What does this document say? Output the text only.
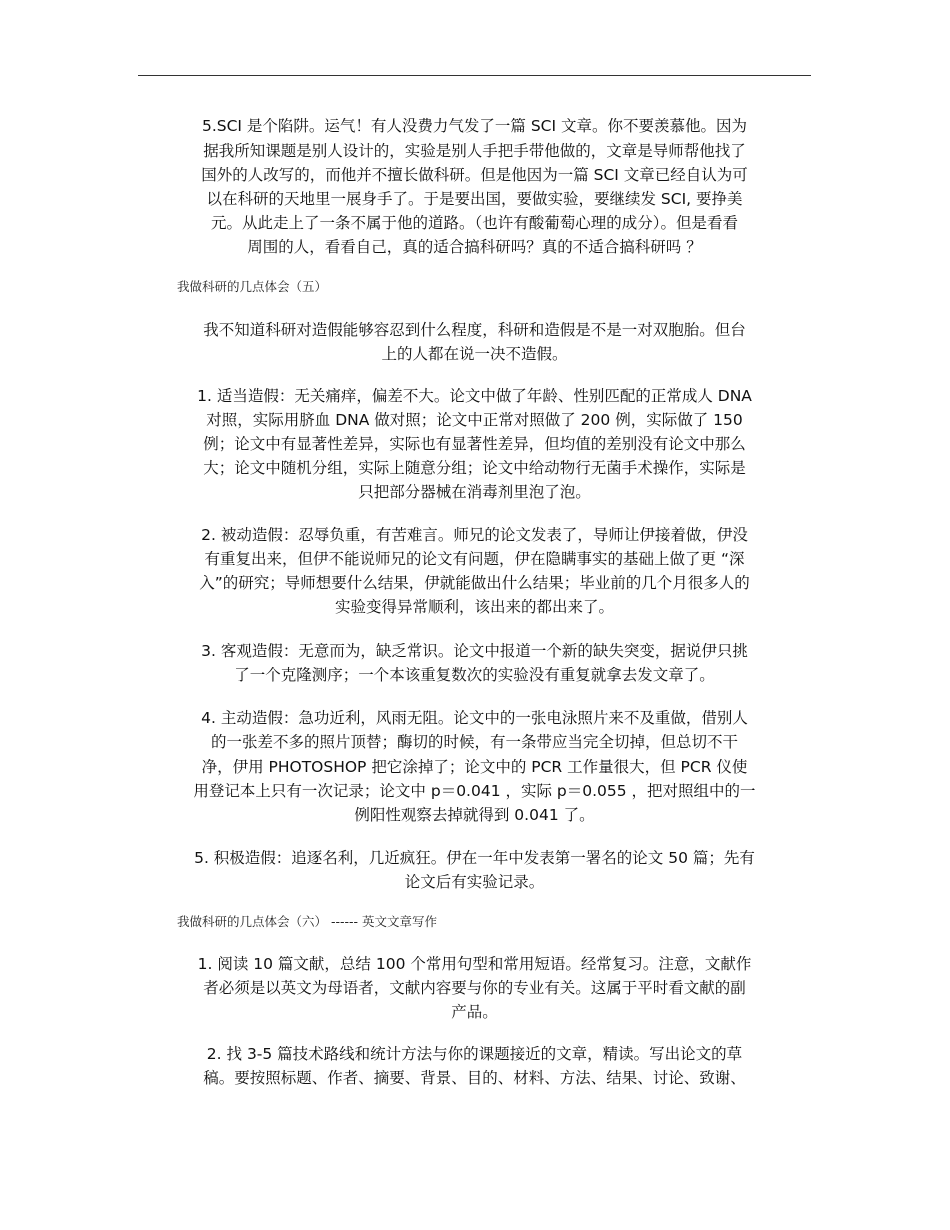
5.SCI 是个陷阱。运气！有人没费力气发了一篇 SCI 文章。你不要羡慕他。因为
据我所知课题是别人设计的，实验是别人手把手带他做的，文章是导师帮他找了
国外的人改写的，而他并不擅长做科研。但是他因为一篇 SCI 文章已经自认为可
以在科研的天地里一展身手了。于是要出国，要做实验，要继续发 SCI, 要挣美
元。从此走上了一条不属于他的道路。（也许有酸葡萄心理的成分）。但是看看
周围的人，看看自己，真的适合搞科研吗？真的不适合搞科研吗 ？
我做科研的几点体会（五）
我不知道科研对造假能够容忍到什么程度，科研和造假是不是一对双胞胎。但台
上的人都在说一决不造假。
1. 适当造假：无关痛痒，偏差不大。论文中做了年龄、性别匹配的正常成人 DNA
对照，实际用脐血 DNA 做对照；论文中正常对照做了 200 例，实际做了 150
例；论文中有显著性差异，实际也有显著性差异，但均值的差别没有论文中那么
大；论文中随机分组，实际上随意分组；论文中给动物行无菌手术操作，实际是
只把部分器械在消毒剂里泡了泡。
2. 被动造假：忍辱负重，有苦难言。师兄的论文发表了，导师让伊接着做，伊没
有重复出来，但伊不能说师兄的论文有问题，伊在隐瞒事实的基础上做了更 “深
入”的研究；导师想要什么结果，伊就能做出什么结果；毕业前的几个月很多人的
实验变得异常顺利，该出来的都出来了。
3. 客观造假：无意而为，缺乏常识。论文中报道一个新的缺失突变，据说伊只挑
了一个克隆测序；一个本该重复数次的实验没有重复就拿去发文章了。
4. 主动造假：急功近利，风雨无阻。论文中的一张电泳照片来不及重做，借别人
的一张差不多的照片顶替；酶切的时候，有一条带应当完全切掉，但总切不干
净，伊用 PHOTOSHOP 把它涂掉了；论文中的 PCR 工作量很大，但 PCR 仪使
用登记本上只有一次记录；论文中 p＝0.041 ，实际 p＝0.055 ，把对照组中的一
例阳性观察去掉就得到 0.041 了。
5. 积极造假：追逐名利，几近疯狂。伊在一年中发表第一署名的论文 50 篇；先有
论文后有实验记录。
我做科研的几点体会（六） ------ 英文文章写作
1. 阅读 10 篇文献，总结 100 个常用句型和常用短语。经常复习。注意，文献作
者必须是以英文为母语者，文献内容要与你的专业有关。这属于平时看文献的副
产品。
2. 找 3-5 篇技术路线和统计方法与你的课题接近的文章，精读。写出论文的草
稿。要按照标题、作者、摘要、背景、目的、材料、方法、结果、讨论、致谢、
